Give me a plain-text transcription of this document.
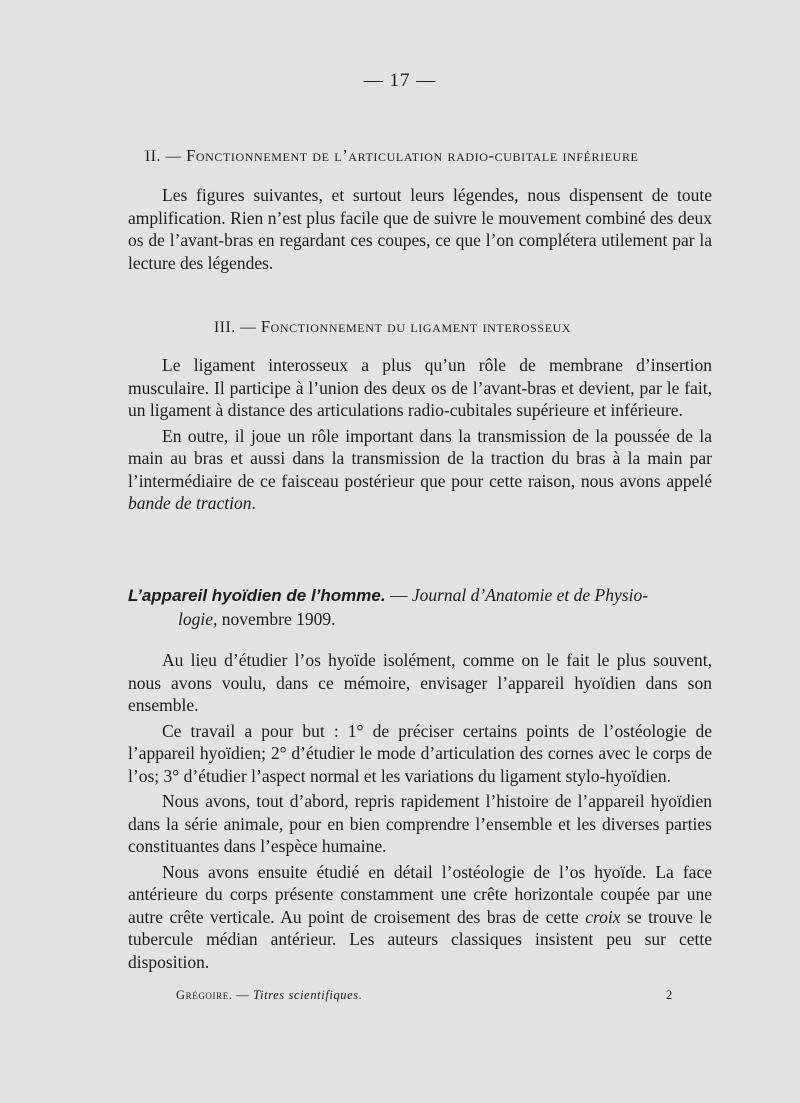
— 17 —
II. — Fonctionnement de l’articulation radio-cubitale inférieure

Les figures suivantes, et surtout leurs légendes, nous dispensent de toute amplification. Rien n’est plus facile que de suivre le mouvement combiné des deux os de l’avant-bras en regardant ces coupes, ce que l’on complétera utilement par la lecture des légendes.

III. — Fonctionnement du ligament interosseux

Le ligament interosseux a plus qu’un rôle de membrane d’insertion musculaire. Il participe à l’union des deux os de l’avant-bras et devient, par le fait, un ligament à distance des articulations radio-cubitales supérieure et inférieure.

En outre, il joue un rôle important dans la transmission de la poussée de la main au bras et aussi dans la transmission de la traction du bras à la main par l’intermédiaire de ce faisceau postérieur que pour cette raison, nous avons appelé bande de traction.

L’appareil hyoïdien de l’homme. — Journal d’Anatomie et de Physio-
logie, novembre 1909.

Au lieu d’étudier l’os hyoïde isolément, comme on le fait le plus souvent, nous avons voulu, dans ce mémoire, envisager l’appareil hyoïdien dans son ensemble.

Ce travail a pour but : 1° de préciser certains points de l’ostéologie de l’appareil hyoïdien; 2° d’étudier le mode d’articulation des cornes avec le corps de l’os; 3° d’étudier l’aspect normal et les variations du ligament stylo-hyoïdien.

Nous avons, tout d’abord, repris rapidement l’histoire de l’appareil hyoïdien dans la série animale, pour en bien comprendre l’ensemble et les diverses parties constituantes dans l’espèce humaine.

Nous avons ensuite étudié en détail l’ostéologie de l’os hyoïde. La face antérieure du corps présente constamment une crête horizontale coupée par une autre crête verticale. Au point de croisement des bras de cette croix se trouve le tubercule médian antérieur. Les auteurs classiques insistent peu sur cette disposition.

Grégoire. — Titres scientifiques.	2
